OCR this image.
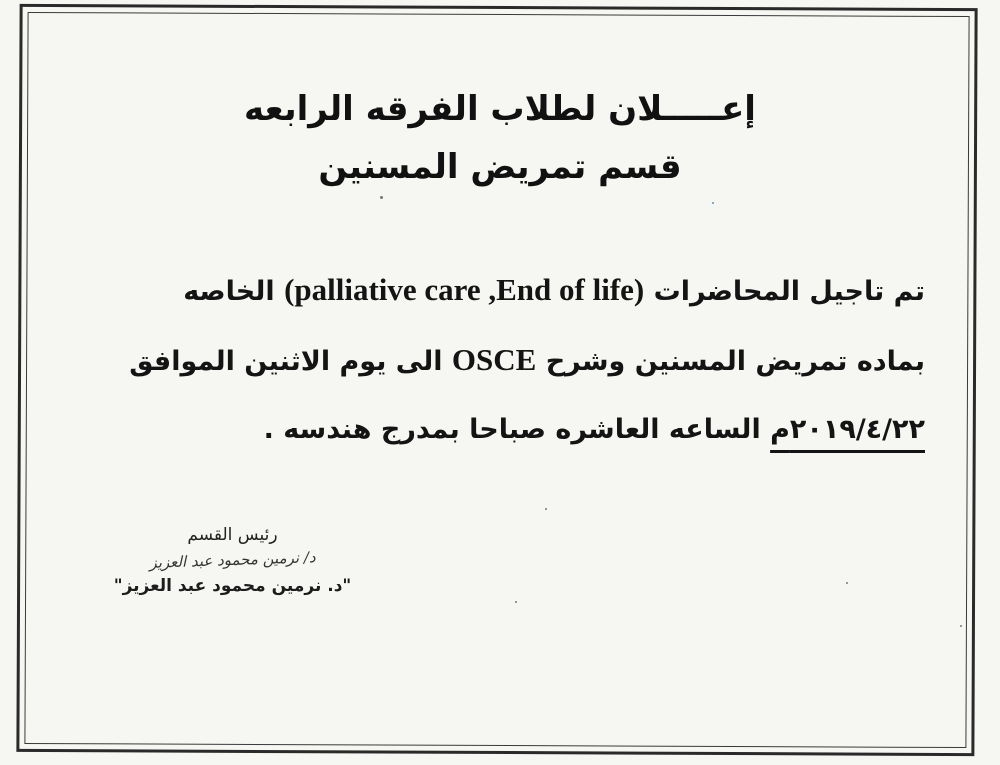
إعـــــلان لطلاب الفرقه الرابعه
قسم تمريض المسنين
تم تاجيل المحاضرات (palliative care ,End of life) الخاصه
بماده تمريض المسنين وشرح OSCE الى يوم الاثنين الموافق
٢٠١٩/٤/٢٢م الساعه العاشره صباحا بمدرج هندسه .
رئيس القسم
د/ نرمين محمود عبد العزيز
"د. نرمين محمود عبد العزيز"
